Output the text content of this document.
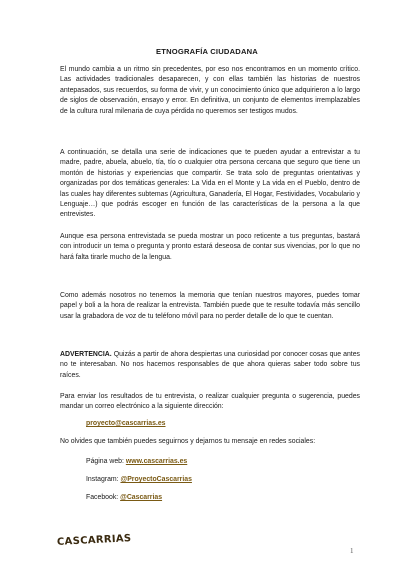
ETNOGRAFÍA CIUDADANA

El mundo cambia a un ritmo sin precedentes, por eso nos encontramos en un momento crítico. Las actividades tradicionales desaparecen, y con ellas también las historias de nuestros antepasados, sus recuerdos, su forma de vivir, y un conocimiento único que adquirieron a lo largo de siglos de observación, ensayo y error. En definitiva, un conjunto de elementos irremplazables de la cultura rural milenaria de cuya pérdida no queremos ser testigos mudos.

A continuación, se detalla una serie de indicaciones que te pueden ayudar a entrevistar a tu madre, padre, abuela, abuelo, tía, tío o cualquier otra persona cercana que seguro que tiene un montón de historias y experiencias que compartir. Se trata solo de preguntas orientativas y organizadas por dos temáticas generales: La Vida en el Monte y La vida en el Pueblo, dentro de las cuales hay diferentes subtemas (Agricultura, Ganadería, El Hogar, Festividades, Vocabulario y Lenguaje…) que podrás escoger en función de las características de la persona a la que entrevistes.

Aunque esa persona entrevistada se pueda mostrar un poco reticente a tus preguntas, bastará con introducir un tema o pregunta y pronto estará deseosa de contar sus vivencias, por lo que no hará falta tirarle mucho de la lengua.

Como además nosotros no tenemos la memoria que tenían nuestros mayores, puedes tomar papel y boli a la hora de realizar la entrevista. También puede que te resulte todavía más sencillo usar la grabadora de voz de tu teléfono móvil para no perder detalle de lo que te cuentan.

ADVERTENCIA. Quizás a partir de ahora despiertas una curiosidad por conocer cosas que antes no te interesaban. No nos hacemos responsables de que ahora quieras saber todo sobre tus raíces.

Para enviar los resultados de tu entrevista, o realizar cualquier pregunta o sugerencia, puedes mandar un correo electrónico a la siguiente dirección:

proyecto@cascarrias.es

No olvides que también puedes seguirnos y dejarnos tu mensaje en redes sociales:

Página web: www.cascarrias.es
Instagram: @ProyectoCascarrias
Facebook: @Cascarrias
CASCARRIAS
1
